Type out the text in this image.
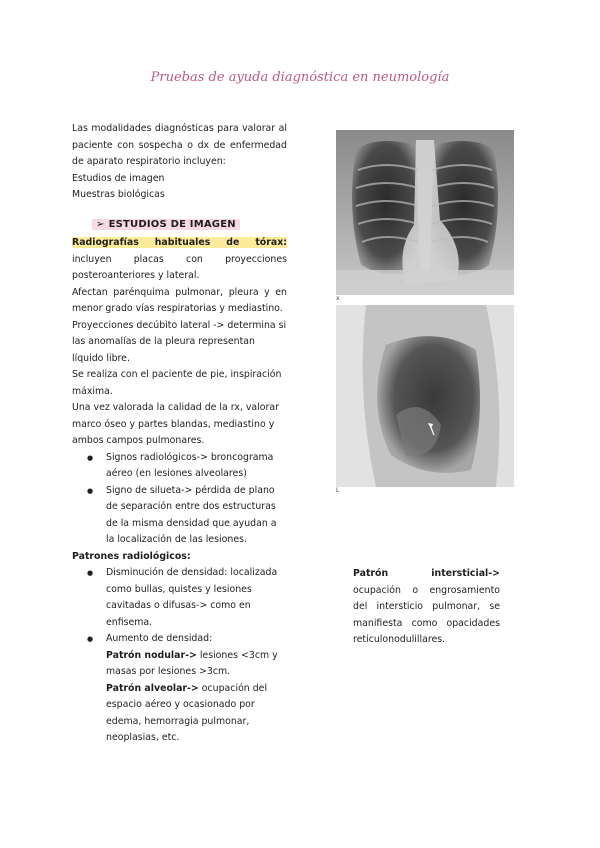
Pruebas de ayuda diagnóstica en neumología

Las modalidades diagnósticas para valorar al paciente con sospecha o dx de enfermedad de aparato respiratorio incluyen:

Estudios de imagen

Muestras biológicas

➢ ESTUDIOS DE IMAGEN

Radiografías habituales de tórax: incluyen placas con proyecciones posteroanteriores y lateral.

Afectan parénquima pulmonar, pleura y en menor grado vías respiratorias y mediastino.

Proyecciones decúbito lateral -> determina si las anomalías de la pleura representan líquido libre.

Se realiza con el paciente de pie, inspiración máxima.

Una vez valorada la calidad de la rx, valorar marco óseo y partes blandas, mediastino y ambos campos pulmonares.

● Signos radiológicos-> broncograma aéreo (en lesiones alveolares)
● Signo de silueta-> pérdida de plano de separación entre dos estructuras de la misma densidad que ayudan a la localización de las lesiones.

Patrones radiológicos:

● Disminución de densidad: localizada como bullas, quistes y lesiones cavitadas o difusas-> como en enfisema.
● Aumento de densidad:
Patrón nodular-> lesiones <3cm y masas por lesiones >3cm.
Patrón alveolar-> ocupación del espacio aéreo y ocasionado por edema, hemorragia pulmonar, neoplasias, etc.
x
L

Patrón intersticial-> ocupación o engrosamiento del intersticio pulmonar, se manifiesta como opacidades reticulonodulillares.
